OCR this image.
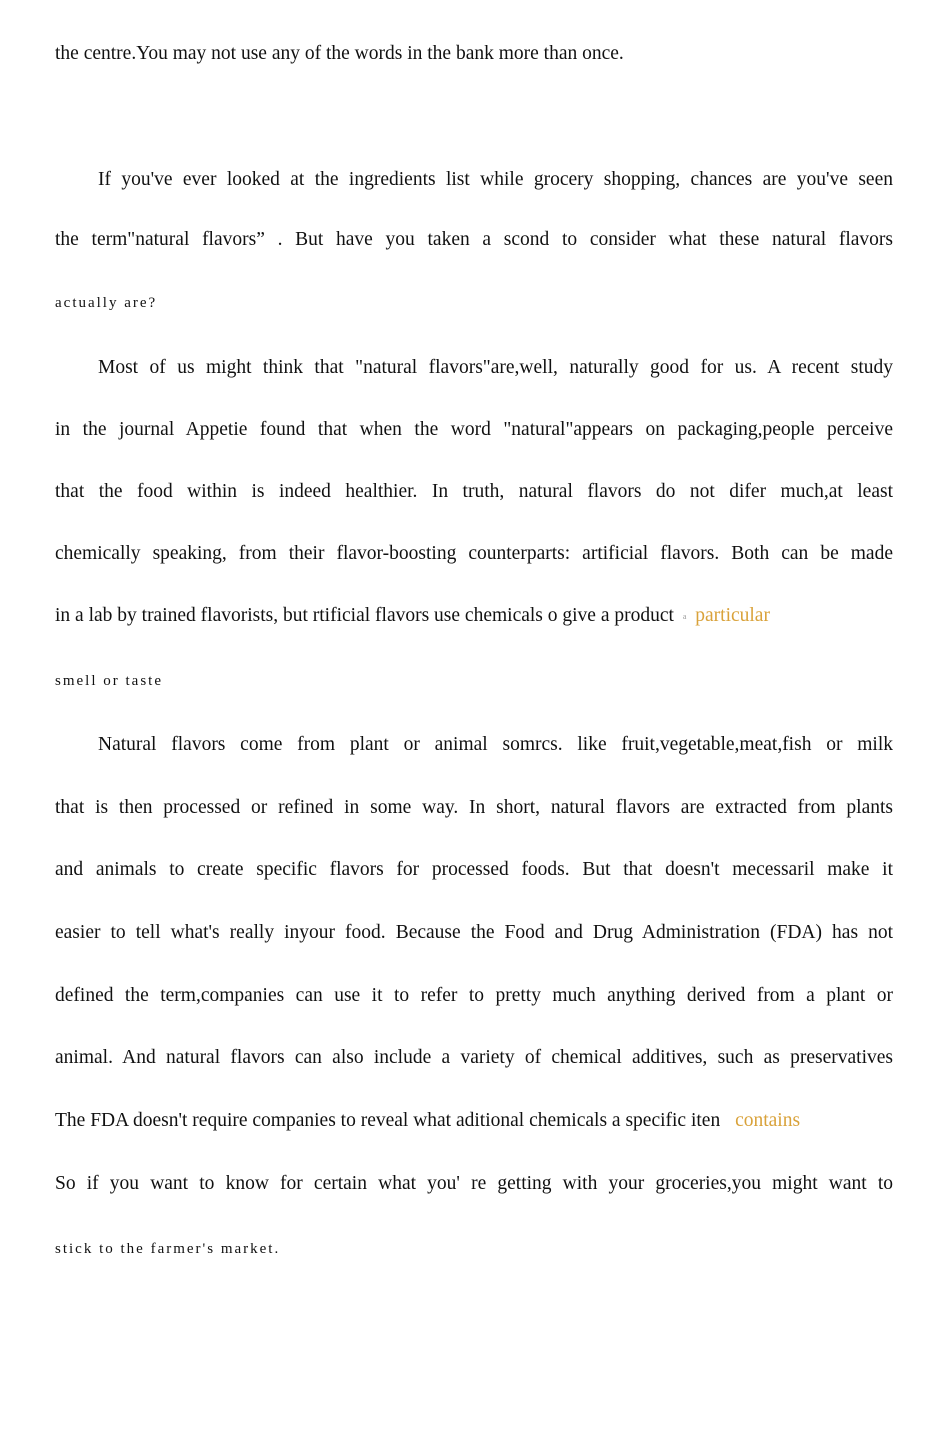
the centre.You may not use any of the words in the bank more than once.
If you've ever looked at the ingredients list while grocery shopping, chances are you've seen
the term"natural flavors” . But have you taken a scond to consider what these natural flavors
actually are?
Most of us might think that "natural flavors"are,well, naturally good for us. A recent study
in the journal Appetie found that when the word "natural"appears on packaging,people perceive
that the food within is indeed healthier. In truth, natural flavors do not difer much,at least
chemically speaking, from their flavor-boosting counterparts: artificial flavors. Both can be made
in a lab by trained flavorists, but rtificial flavors use chemicals o give a product a particular
smell or taste
Natural flavors come from plant or animal somrcs. like fruit,vegetable,meat,fish or milk
that is then processed or refined in some way. In short, natural flavors are extracted from plants
and animals to create specific flavors for processed foods. But that doesn't mecessaril make it
easier to tell what's really inyour food. Because the Food and Drug Administration (FDA) has not
defined the term,companies can use it to refer to pretty much anything derived from a plant or
animal. And natural flavors can also include a variety of chemical additives, such as preservatives
The FDA doesn't require companies to reveal what aditional chemicals a specific iten contains
So if you want to know for certain what you' re getting with your groceries,you might want to
stick to the farmer's market.
